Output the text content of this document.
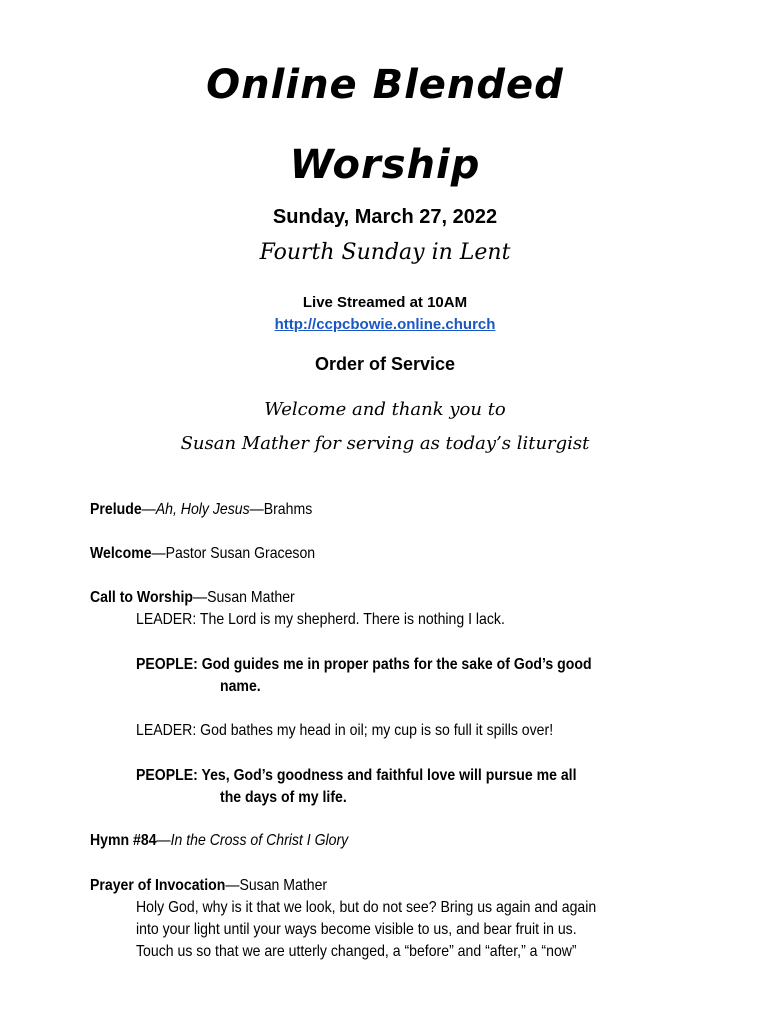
Online Blended
Worship
Sunday, March 27, 2022
Fourth Sunday in Lent
Live Streamed at 10AM
http://ccpcbowie.online.church
Order of Service
Welcome and thank you to
Susan Mather for serving as today’s liturgist
Prelude—Ah, Holy Jesus—Brahms
Welcome—Pastor Susan Graceson
Call to Worship—Susan Mather
LEADER: The Lord is my shepherd. There is nothing I lack.
PEOPLE: God guides me in proper paths for the sake of God’s good
name.
LEADER: God bathes my head in oil; my cup is so full it spills over!
PEOPLE: Yes, God’s goodness and faithful love will pursue me all
the days of my life.
Hymn #84—In the Cross of Christ I Glory
Prayer of Invocation—Susan Mather
Holy God, why is it that we look, but do not see? Bring us again and again
into your light until your ways become visible to us, and bear fruit in us.
Touch us so that we are utterly changed, a “before” and “after,” a “now”
